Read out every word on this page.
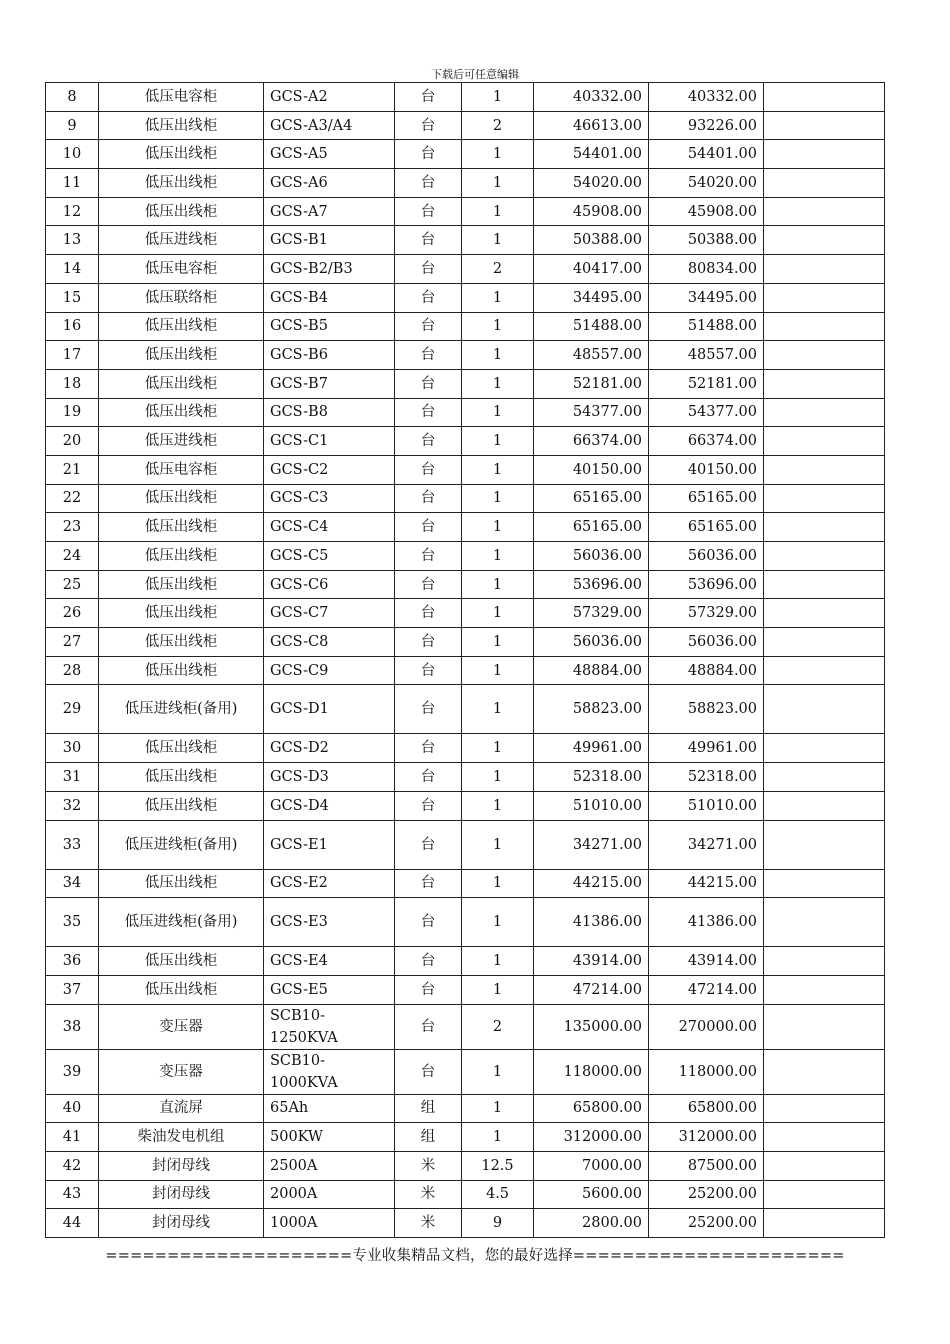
下载后可任意编辑
8	低压电容柜	GCS-A2	台	1	40332.00	40332.00	
9	低压出线柜	GCS-A3/A4	台	2	46613.00	93226.00	
10	低压出线柜	GCS-A5	台	1	54401.00	54401.00	
11	低压出线柜	GCS-A6	台	1	54020.00	54020.00	
12	低压出线柜	GCS-A7	台	1	45908.00	45908.00	
13	低压进线柜	GCS-B1	台	1	50388.00	50388.00	
14	低压电容柜	GCS-B2/B3	台	2	40417.00	80834.00	
15	低压联络柜	GCS-B4	台	1	34495.00	34495.00	
16	低压出线柜	GCS-B5	台	1	51488.00	51488.00	
17	低压出线柜	GCS-B6	台	1	48557.00	48557.00	
18	低压出线柜	GCS-B7	台	1	52181.00	52181.00	
19	低压出线柜	GCS-B8	台	1	54377.00	54377.00	
20	低压进线柜	GCS-C1	台	1	66374.00	66374.00	
21	低压电容柜	GCS-C2	台	1	40150.00	40150.00	
22	低压出线柜	GCS-C3	台	1	65165.00	65165.00	
23	低压出线柜	GCS-C4	台	1	65165.00	65165.00	
24	低压出线柜	GCS-C5	台	1	56036.00	56036.00	
25	低压出线柜	GCS-C6	台	1	53696.00	53696.00	
26	低压出线柜	GCS-C7	台	1	57329.00	57329.00	
27	低压出线柜	GCS-C8	台	1	56036.00	56036.00	
28	低压出线柜	GCS-C9	台	1	48884.00	48884.00	
29	低压进线柜(备用)	GCS-D1	台	1	58823.00	58823.00	
30	低压出线柜	GCS-D2	台	1	49961.00	49961.00	
31	低压出线柜	GCS-D3	台	1	52318.00	52318.00	
32	低压出线柜	GCS-D4	台	1	51010.00	51010.00	
33	低压进线柜(备用)	GCS-E1	台	1	34271.00	34271.00	
34	低压出线柜	GCS-E2	台	1	44215.00	44215.00	
35	低压进线柜(备用)	GCS-E3	台	1	41386.00	41386.00	
36	低压出线柜	GCS-E4	台	1	43914.00	43914.00	
37	低压出线柜	GCS-E5	台	1	47214.00	47214.00	
38	变压器	SCB10-1250KVA	台	2	135000.00	270000.00	
39	变压器	SCB10-1000KVA	台	1	118000.00	118000.00	
40	直流屏	65Ah	组	1	65800.00	65800.00	
41	柴油发电机组	500KW	组	1	312000.00	312000.00	
42	封闭母线	2500A	米	12.5	7000.00	87500.00	
43	封闭母线	2000A	米	4.5	5600.00	25200.00	
44	封闭母线	1000A	米	9	2800.00	25200.00	
====================专业收集精品文档，您的最好选择======================
